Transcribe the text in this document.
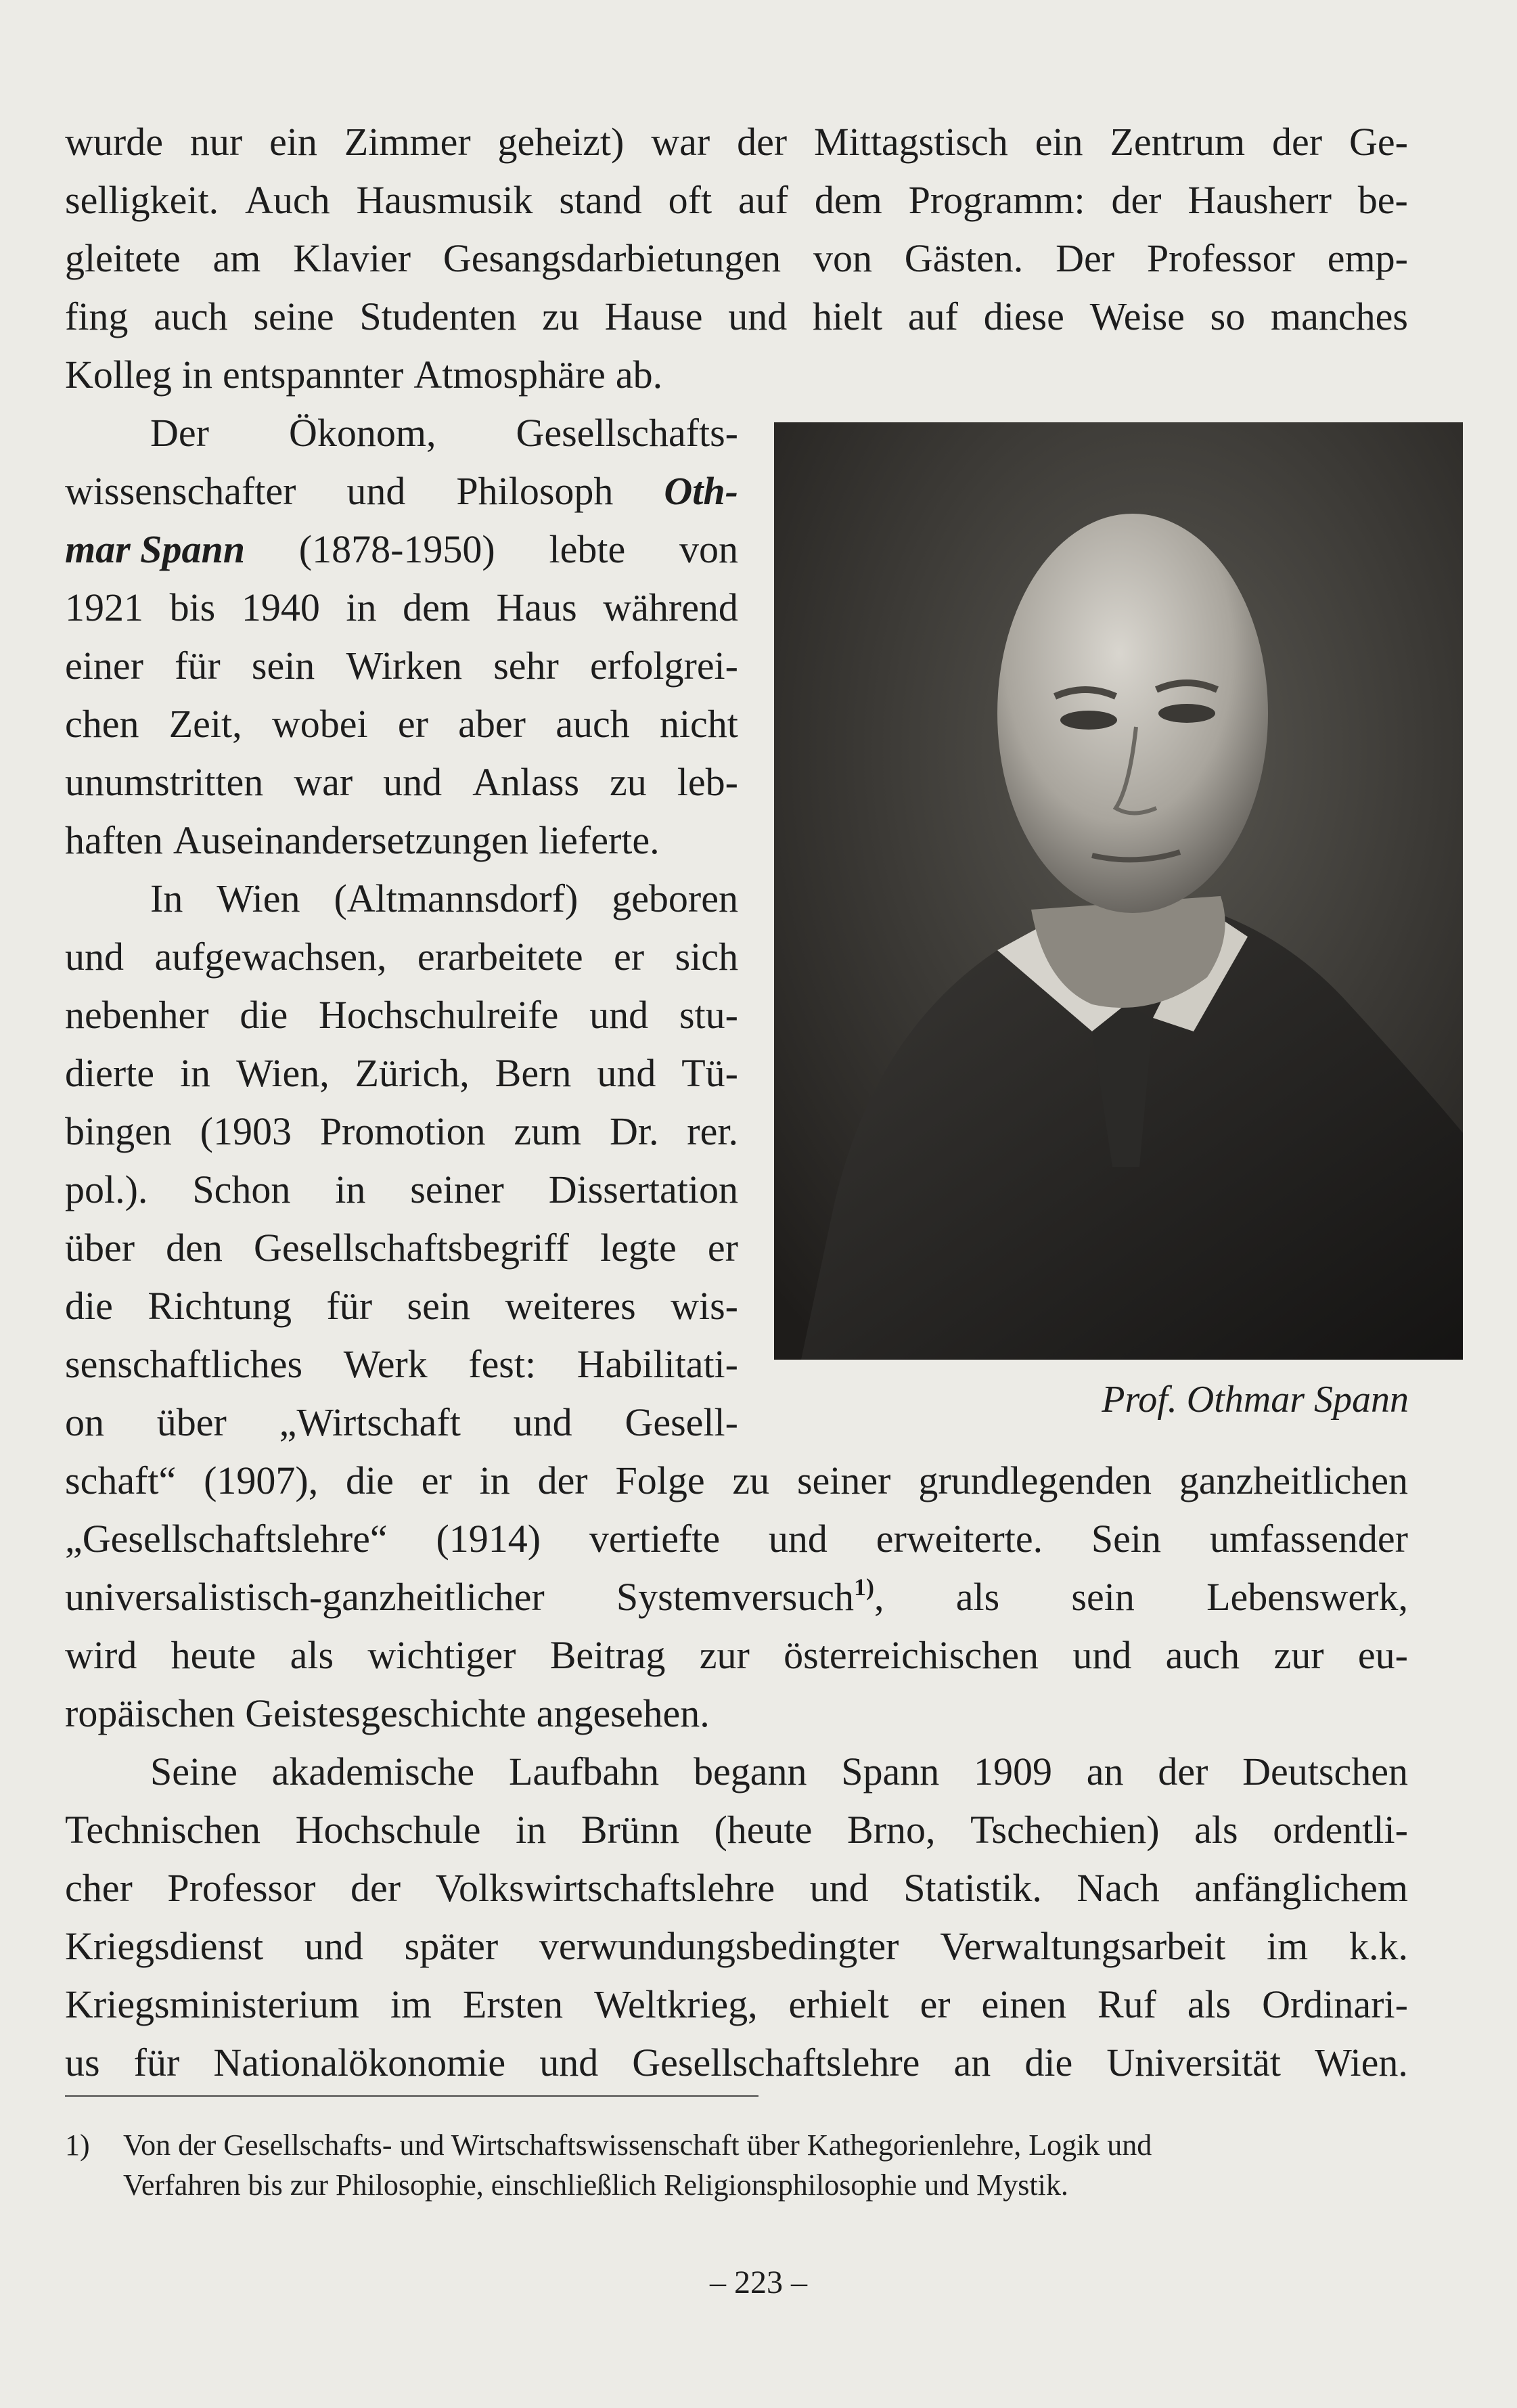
wurde nur ein Zimmer geheizt) war der Mittagstisch ein Zentrum der Ge-
selligkeit. Auch Hausmusik stand oft auf dem Programm: der Hausherr be-
gleitete am Klavier Gesangsdarbietungen von Gästen. Der Professor emp-
fing auch seine Studenten zu Hause und hielt auf diese Weise so manches
Kolleg in entspannter Atmosphäre ab.
Der Ökonom, Gesellschafts-
wissenschafter und Philosoph Oth-
mar Spann (1878-1950) lebte von
1921 bis 1940 in dem Haus während
einer für sein Wirken sehr erfolgrei-
chen Zeit, wobei er aber auch nicht
unumstritten war und Anlass zu leb-
haften Auseinandersetzungen lieferte.
In Wien (Altmannsdorf) geboren
und aufgewachsen, erarbeitete er sich
nebenher die Hochschulreife und stu-
dierte in Wien, Zürich, Bern und Tü-
bingen (1903 Promotion zum Dr. rer.
pol.). Schon in seiner Dissertation
über den Gesellschaftsbegriff legte er
die Richtung für sein weiteres wis-
senschaftliches Werk fest: Habilitati-
on über „Wirtschaft und Gesell-
schaft“ (1907), die er in der Folge zu seiner grundlegenden ganzheitlichen
„Gesellschaftslehre“ (1914) vertiefte und erweiterte. Sein umfassender
universalistisch-ganzheitlicher Systemversuch$^{1)}$, als sein Lebenswerk,
wird heute als wichtiger Beitrag zur österreichischen und auch zur eu-
ropäischen Geistesgeschichte angesehen.
Seine akademische Laufbahn begann Spann 1909 an der Deutschen
Technischen Hochschule in Brünn (heute Brno, Tschechien) als ordentli-
cher Professor der Volkswirtschaftslehre und Statistik. Nach anfänglichem
Kriegsdienst und später verwundungsbedingter Verwaltungsarbeit im k.k.
Kriegsministerium im Ersten Weltkrieg, erhielt er einen Ruf als Ordinari-
us für Nationalökonomie und Gesellschaftslehre an die Universität Wien.
Prof. Othmar Spann
1) Von der Gesellschafts- und Wirtschaftswissenschaft über Kathegorienlehre, Logik und
Verfahren bis zur Philosophie, einschließlich Religionsphilosophie und Mystik.
– 223 –
